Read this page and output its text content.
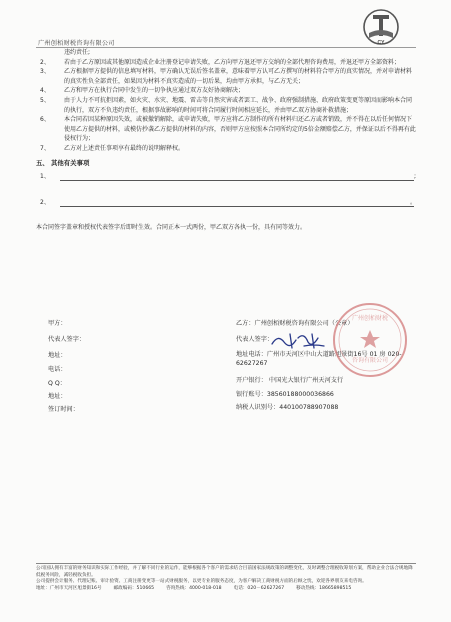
广州创栢财税咨询有限公司	CY
违约责任;
2、 若由于乙方原因或其他原因造成企业注册登记申请失败，乙方向甲方退还甲方交纳的全部代理咨询费用，并退还甲方全部资料；
3、 乙方根据甲方提供的信息填写材料，甲方确认无误后签名盖章，意味着甲方认可乙方撰写的材料符合甲方的真实情况，并对申请材料的真实性负全部责任，如果因为材料不真实造成的一切后果，均由甲方承担，与乙方无关；
4、 乙方和甲方在执行合同中发生的一切争执应通过双方友好协商解决；
5、 由于人力不可抗拒因素，如火灾、水灾、地震、雷击等自然灾害或者罢工、战争、政府强制措施、政府政策变更等原因而影响本合同的执行，双方不负违约责任，根据事故影响的时间可将合同履行时间相应延长，并由甲乙双方协商补救措施；
6、 本合同若因某种原因失效，或被撤销解除，或申请失败，甲方应将乙方制作的所有材料归还乙方或者销毁，并不得在以后任何情况下使用乙方提供的材料，或模仿抄袭乙方提供的材料的内容，否则甲方应按照本合同所约定的5倍金额赔偿乙方，并保证以后不得再有此侵权行为；
7、 乙方对上述责任事项享有最终的说明解释权。
五、 其他有关事项
1、	;
2、	。
本合同签字盖章和授权代表签字后即时生效。合同正本一式两份，甲乙双方各执一份，具有同等效力。
甲方：
代表人签字：
地址：
电话：
Q Q：
地址：
签订时间：
乙方：广州创栢财税咨询有限公司（公章）
代表人签字：
地址电话：广州市天河区中山大道路旭景街16号 01 房 020-62627267
开户银行： 中国光大银行广州天河支行
银行账号：38560188000036866
纳税人识别号：440100788907088
广州创栢财税
咨询有限公司
公司国认拥有丰富的财务知识和实际工作经验，并了解不同行业的运作，能够根据各个客户的需求结合目前国家法规政策的调整变化，及时调整合理税收筹划方案，帮助企业合法合规地降低税务风险，减轻税收负担。
公司提供会计服务、代理记账、审计验资、工商注册变更等一站式财税服务，以更专业的服务态度，为客户解决工商财税方面的后顾之忧，欢迎各界朋友来电咨询。
地址：广州市天河区旭景街16号	邮政编码：510665	咨询热线：4000-018-018	电话：020－62627267	移动热线：18665898515
